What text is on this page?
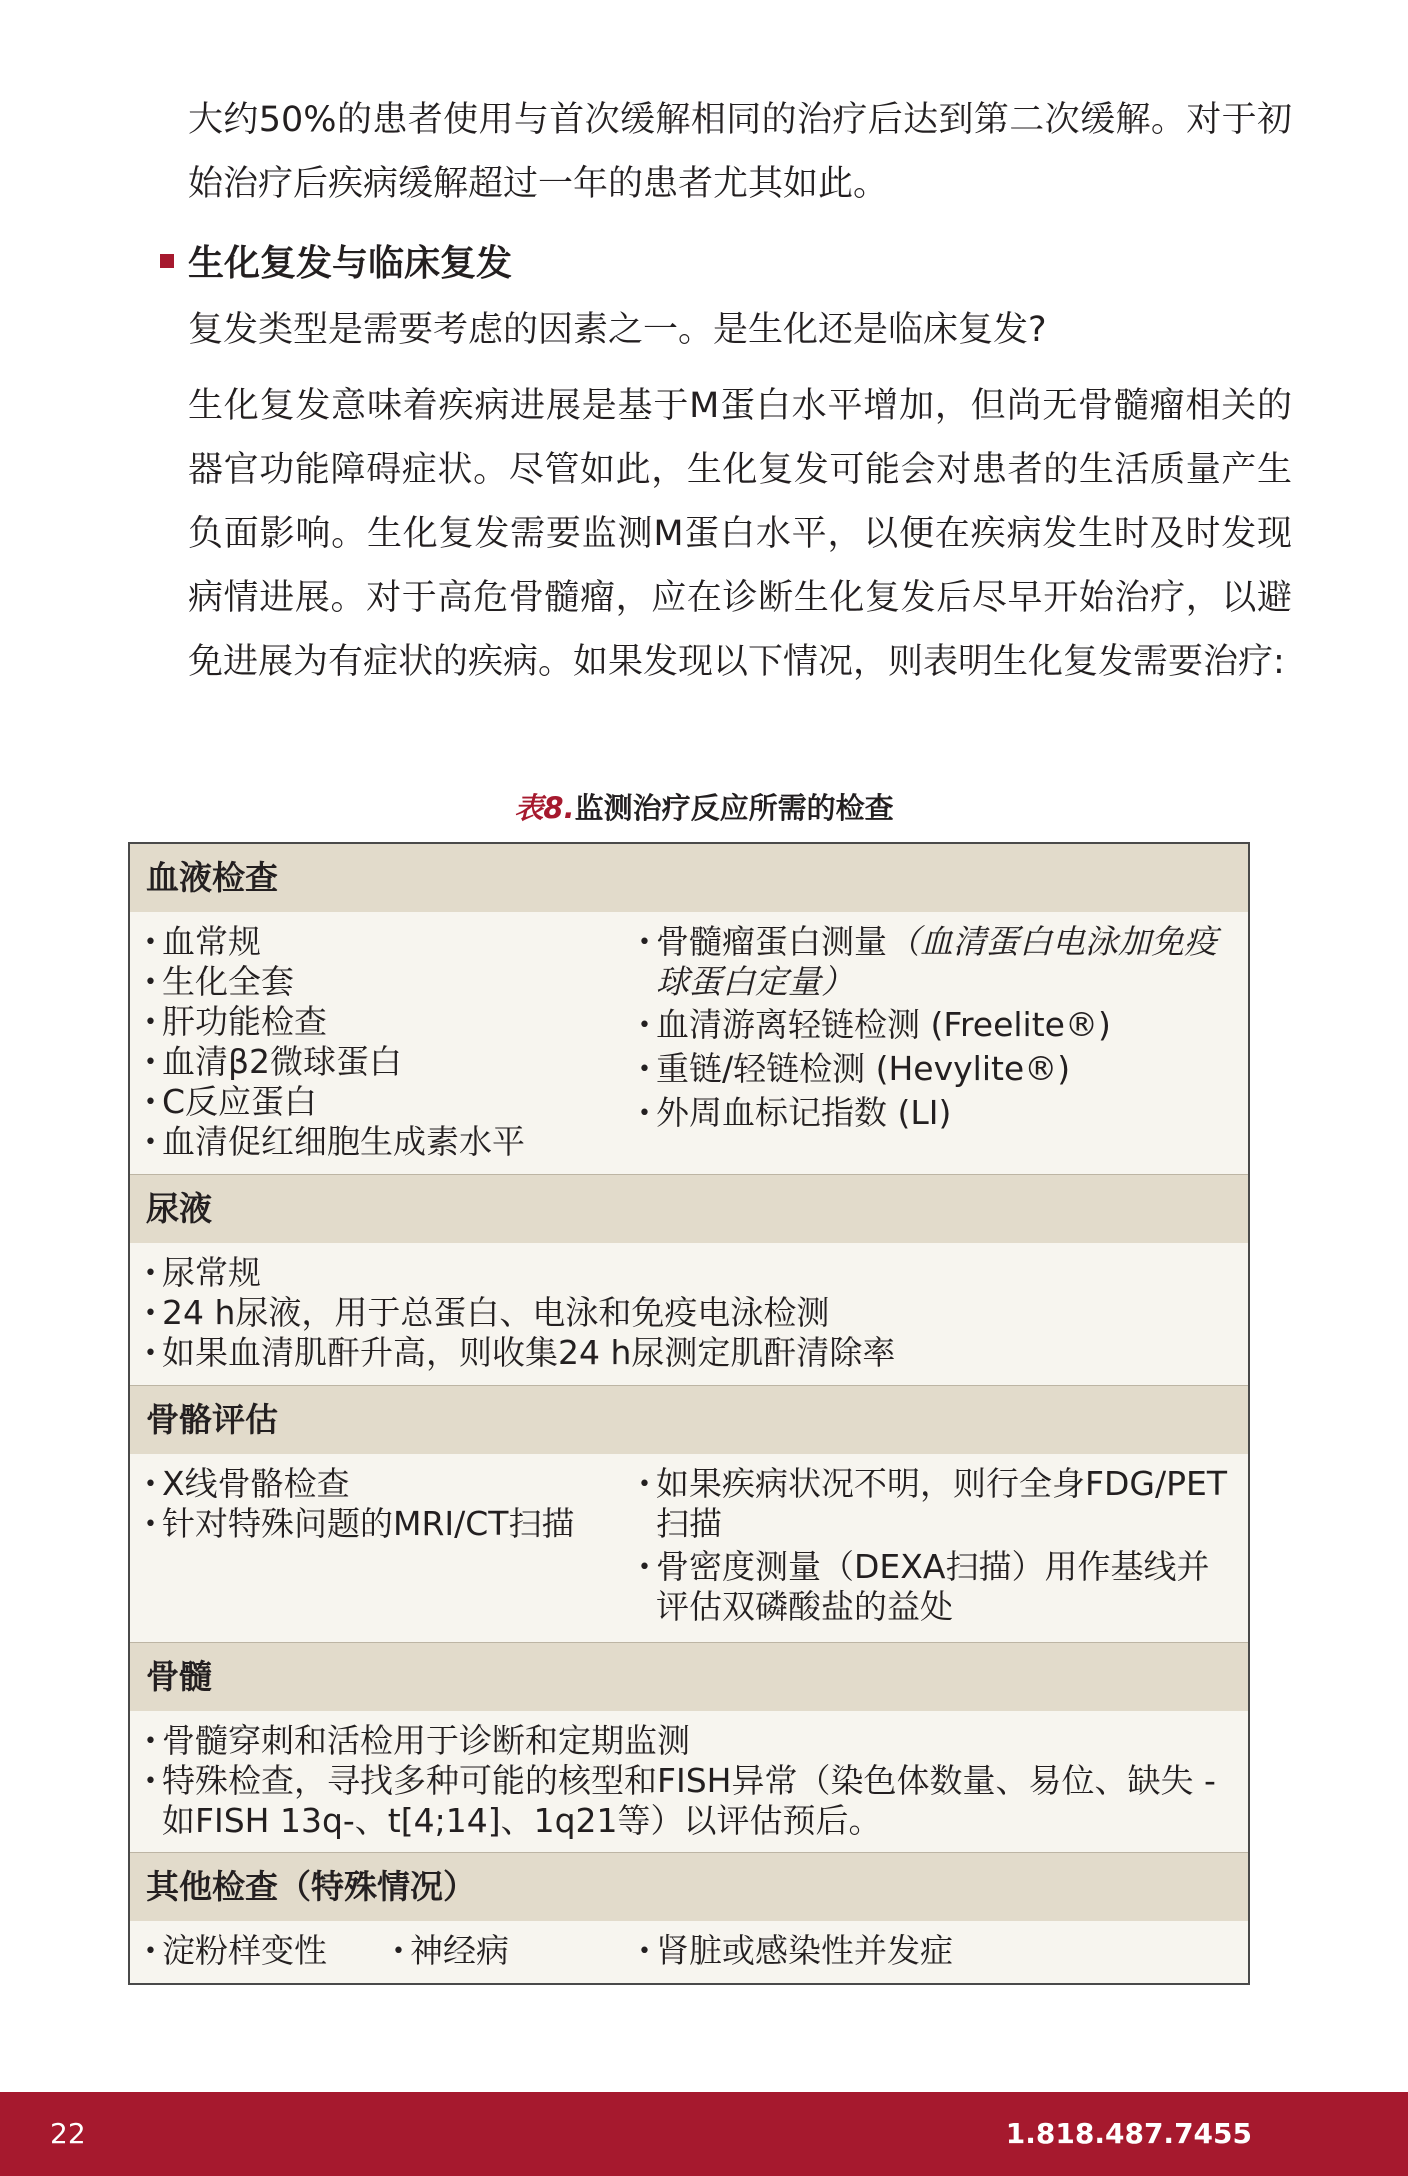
大约50%的患者使用与首次缓解相同的治疗后达到第二次缓解。对于初始治疗后疾病缓解超过一年的患者尤其如此。

生化复发与临床复发

复发类型是需要考虑的因素之一。是生化还是临床复发?

生化复发意味着疾病进展是基于M蛋白水平增加，但尚无骨髓瘤相关的器官功能障碍症状。尽管如此，生化复发可能会对患者的生活质量产生负面影响。生化复发需要监测M蛋白水平，以便在疾病发生时及时发现病情进展。对于高危骨髓瘤，应在诊断生化复发后尽早开始治疗，以避免进展为有症状的疾病。如果发现以下情况，则表明生化复发需要治疗:

表8.监测治疗反应所需的检查

血液检查
• 血常规
• 生化全套
• 肝功能检查
• 血清β2微球蛋白
• C反应蛋白
• 血清促红细胞生成素水平
• 骨髓瘤蛋白测量（血清蛋白电泳加免疫球蛋白定量）
• 血清游离轻链检测 (Freelite®)
• 重链/轻链检测 (Hevylite®)
• 外周血标记指数 (LI)
尿液
• 尿常规
• 24 h尿液，用于总蛋白、电泳和免疫电泳检测
• 如果血清肌酐升高，则收集24 h尿测定肌酐清除率
骨骼评估
• X线骨骼检查
• 针对特殊问题的MRI/CT扫描
• 如果疾病状况不明，则行全身FDG/PET扫描
• 骨密度测量（DEXA扫描）用作基线并评估双磷酸盐的益处
骨髓
• 骨髓穿刺和活检用于诊断和定期监测
• 特殊检查，寻找多种可能的核型和FISH异常（染色体数量、易位、缺失 - 如FISH 13q-、t[4;14]、1q21等）以评估预后。
其他检查（特殊情况）
• 淀粉样变性	• 神经病	• 肾脏或感染性并发症
22	1.818.487.7455
